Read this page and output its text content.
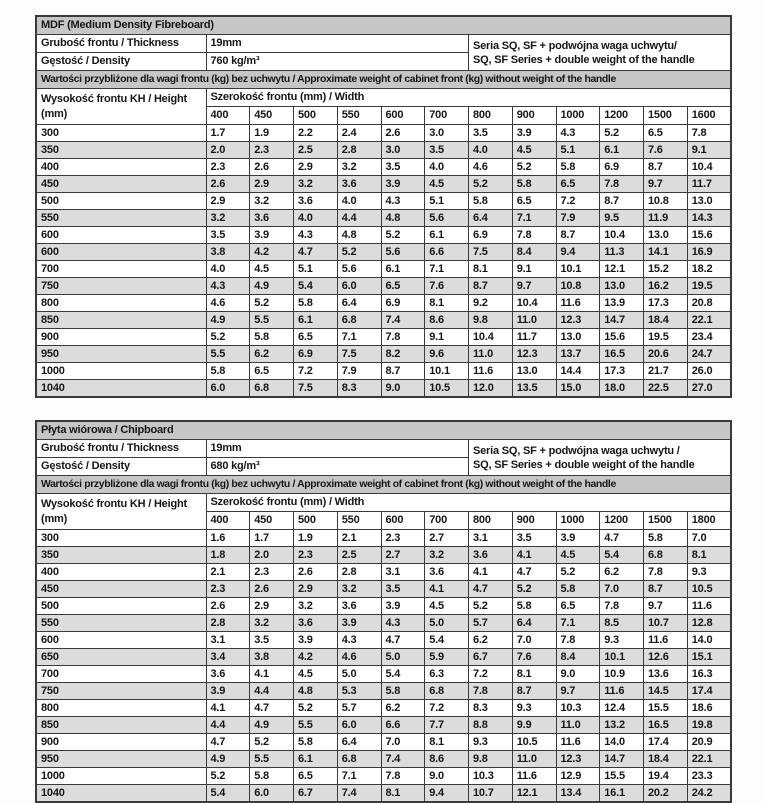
MDF (Medium Density Fibreboard)												
Grubość frontu / Thickness	19mm						Seria SQ, SF + podwójna waga uchwytu/
SQ, SF Series + double weight of the handle					

Gęstość / Density	760 kg/m³											
Wartości przybliżone dla wagi frontu (kg) bez uchwytu / Approximate weight of cabinet front (kg) without weight of the handle												

Wysokość frontu KH / Height
(mm)	Szerokość frontu (mm) / Width											
	400	450	500	550	600	700	800	900	1000	1200	1500	1600
300	1.7	1.9	2.2	2.4	2.6	3.0	3.5	3.9	4.3	5.2	6.5	7.8
350	2.0	2.3	2.5	2.8	3.0	3.5	4.0	4.5	5.1	6.1	7.6	9.1
400	2.3	2.6	2.9	3.2	3.5	4.0	4.6	5.2	5.8	6.9	8.7	10.4
450	2.6	2.9	3.2	3.6	3.9	4.5	5.2	5.8	6.5	7.8	9.7	11.7
500	2.9	3.2	3.6	4.0	4.3	5.1	5.8	6.5	7.2	8.7	10.8	13.0
550	3.2	3.6	4.0	4.4	4.8	5.6	6.4	7.1	7.9	9.5	11.9	14.3
600	3.5	3.9	4.3	4.8	5.2	6.1	6.9	7.8	8.7	10.4	13.0	15.6
600	3.8	4.2	4.7	5.2	5.6	6.6	7.5	8.4	9.4	11.3	14.1	16.9
700	4.0	4.5	5.1	5.6	6.1	7.1	8.1	9.1	10.1	12.1	15.2	18.2
750	4.3	4.9	5.4	6.0	6.5	7.6	8.7	9.7	10.8	13.0	16.2	19.5
800	4.6	5.2	5.8	6.4	6.9	8.1	9.2	10.4	11.6	13.9	17.3	20.8
850	4.9	5.5	6.1	6.8	7.4	8.6	9.8	11.0	12.3	14.7	18.4	22.1
900	5.2	5.8	6.5	7.1	7.8	9.1	10.4	11.7	13.0	15.6	19.5	23.4
950	5.5	6.2	6.9	7.5	8.2	9.6	11.0	12.3	13.7	16.5	20.6	24.7
1000	5.8	6.5	7.2	7.9	8.7	10.1	11.6	13.0	14.4	17.3	21.7	26.0
1040	6.0	6.8	7.5	8.3	9.0	10.5	12.0	13.5	15.0	18.0	22.5	27.0
Płyta wiórowa / Chipboard												
Grubość frontu / Thickness	19mm						Seria SQ, SF + podwójna waga uchwytu /
SQ, SF Series + double weight of the handle					

Gęstość / Density	680 kg/m³											
Wartości przybliżone dla wagi frontu (kg) bez uchwytu / Approximate weight of cabinet front (kg) without weight of the handle												

Wysokość frontu KH / Height
(mm)	Szerokość frontu (mm) / Width											
	400	450	500	550	600	700	800	900	1000	1200	1500	1800
300	1.6	1.7	1.9	2.1	2.3	2.7	3.1	3.5	3.9	4.7	5.8	7.0
350	1.8	2.0	2.3	2.5	2.7	3.2	3.6	4.1	4.5	5.4	6.8	8.1
400	2.1	2.3	2.6	2.8	3.1	3.6	4.1	4.7	5.2	6.2	7.8	9.3
450	2.3	2.6	2.9	3.2	3.5	4.1	4.7	5.2	5.8	7.0	8.7	10.5
500	2.6	2.9	3.2	3.6	3.9	4.5	5.2	5.8	6.5	7.8	9.7	11.6
550	2.8	3.2	3.6	3.9	4.3	5.0	5.7	6.4	7.1	8.5	10.7	12.8
600	3.1	3.5	3.9	4.3	4.7	5.4	6.2	7.0	7.8	9.3	11.6	14.0
650	3.4	3.8	4.2	4.6	5.0	5.9	6.7	7.6	8.4	10.1	12.6	15.1
700	3.6	4.1	4.5	5.0	5.4	6.3	7.2	8.1	9.0	10.9	13.6	16.3
750	3.9	4.4	4.8	5.3	5.8	6.8	7.8	8.7	9.7	11.6	14.5	17.4
800	4.1	4.7	5.2	5.7	6.2	7.2	8.3	9.3	10.3	12.4	15.5	18.6
850	4.4	4.9	5.5	6.0	6.6	7.7	8.8	9.9	11.0	13.2	16.5	19.8
900	4.7	5.2	5.8	6.4	7.0	8.1	9.3	10.5	11.6	14.0	17.4	20.9
950	4.9	5.5	6.1	6.8	7.4	8.6	9.8	11.0	12.3	14.7	18.4	22.1
1000	5.2	5.8	6.5	7.1	7.8	9.0	10.3	11.6	12.9	15.5	19.4	23.3
1040	5.4	6.0	6.7	7.4	8.1	9.4	10.7	12.1	13.4	16.1	20.2	24.2
